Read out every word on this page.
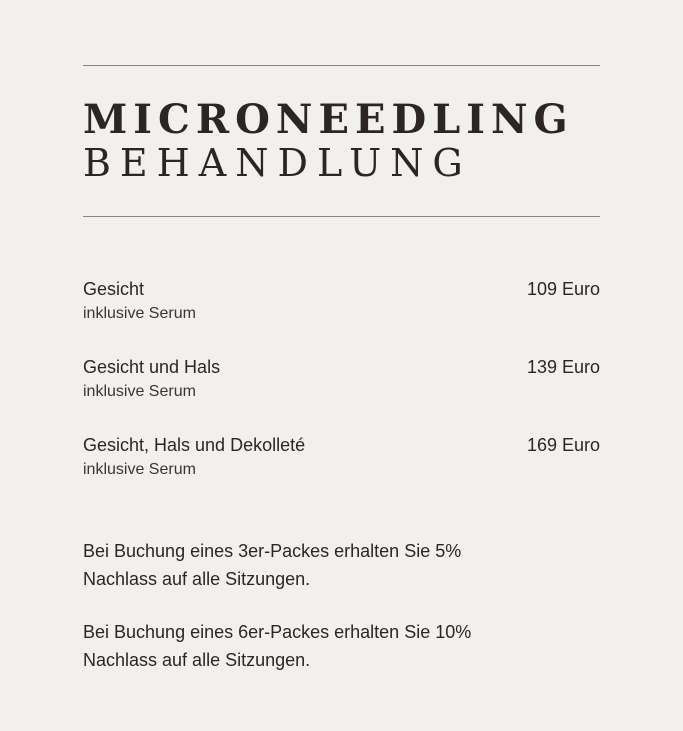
MICRONEEDLING
BEHANDLUNG
Gesicht	109 Euro
inklusive Serum
Gesicht und Hals	139 Euro
inklusive Serum
Gesicht, Hals und Dekolleté	169 Euro
inklusive Serum

Bei Buchung eines 3er-Packes erhalten Sie 5% Nachlass auf alle Sitzungen.

Bei Buchung eines 6er-Packes erhalten Sie 10% Nachlass auf alle Sitzungen.
